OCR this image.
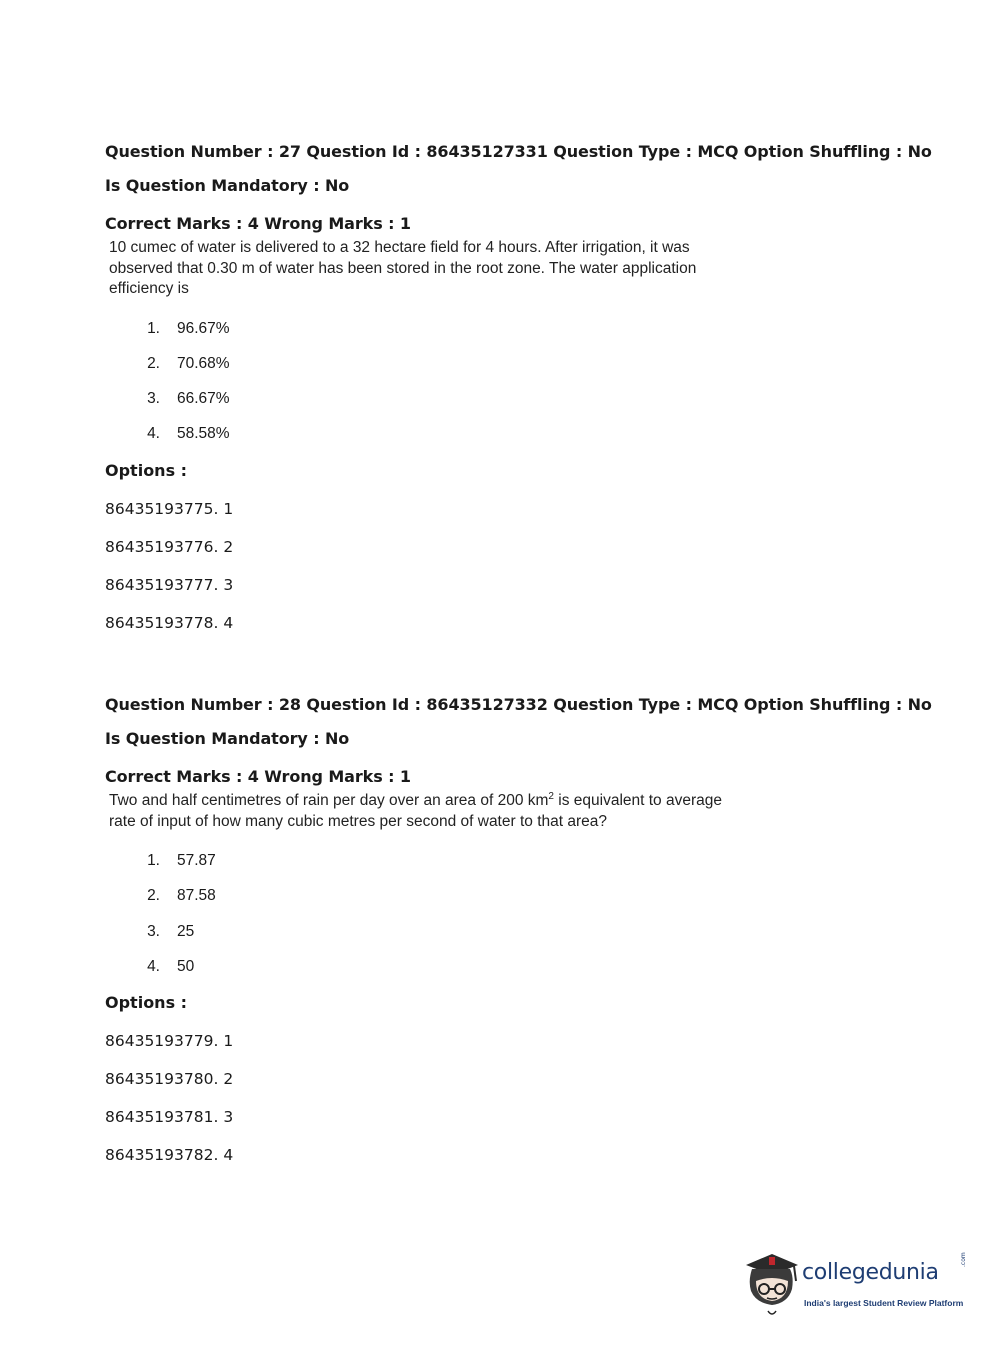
Question Number : 27 Question Id : 86435127331 Question Type : MCQ Option Shuffling : No

Is Question Mandatory : No

Correct Marks : 4 Wrong Marks : 1

10 cumec of water is delivered to a 32 hectare field for 4 hours. After irrigation, it was observed that 0.30 m of water has been stored in the root zone. The water application efficiency is
1.	96.67%
2.	70.68%
3.	66.67%
4.	58.58%

Options :

86435193775. 1
86435193776. 2
86435193777. 3
86435193778. 4

Question Number : 28 Question Id : 86435127332 Question Type : MCQ Option Shuffling : No

Is Question Mandatory : No

Correct Marks : 4 Wrong Marks : 1

Two and half centimetres of rain per day over an area of 200 $km^2$ is equivalent to average rate of input of how many cubic metres per second of water to that area?
1.	57.87
2.	87.58
3.	25
4.	50

Options :

86435193779. 1
86435193780. 2
86435193781. 3
86435193782. 4
collegedunia
.com
India's largest Student Review Platform
